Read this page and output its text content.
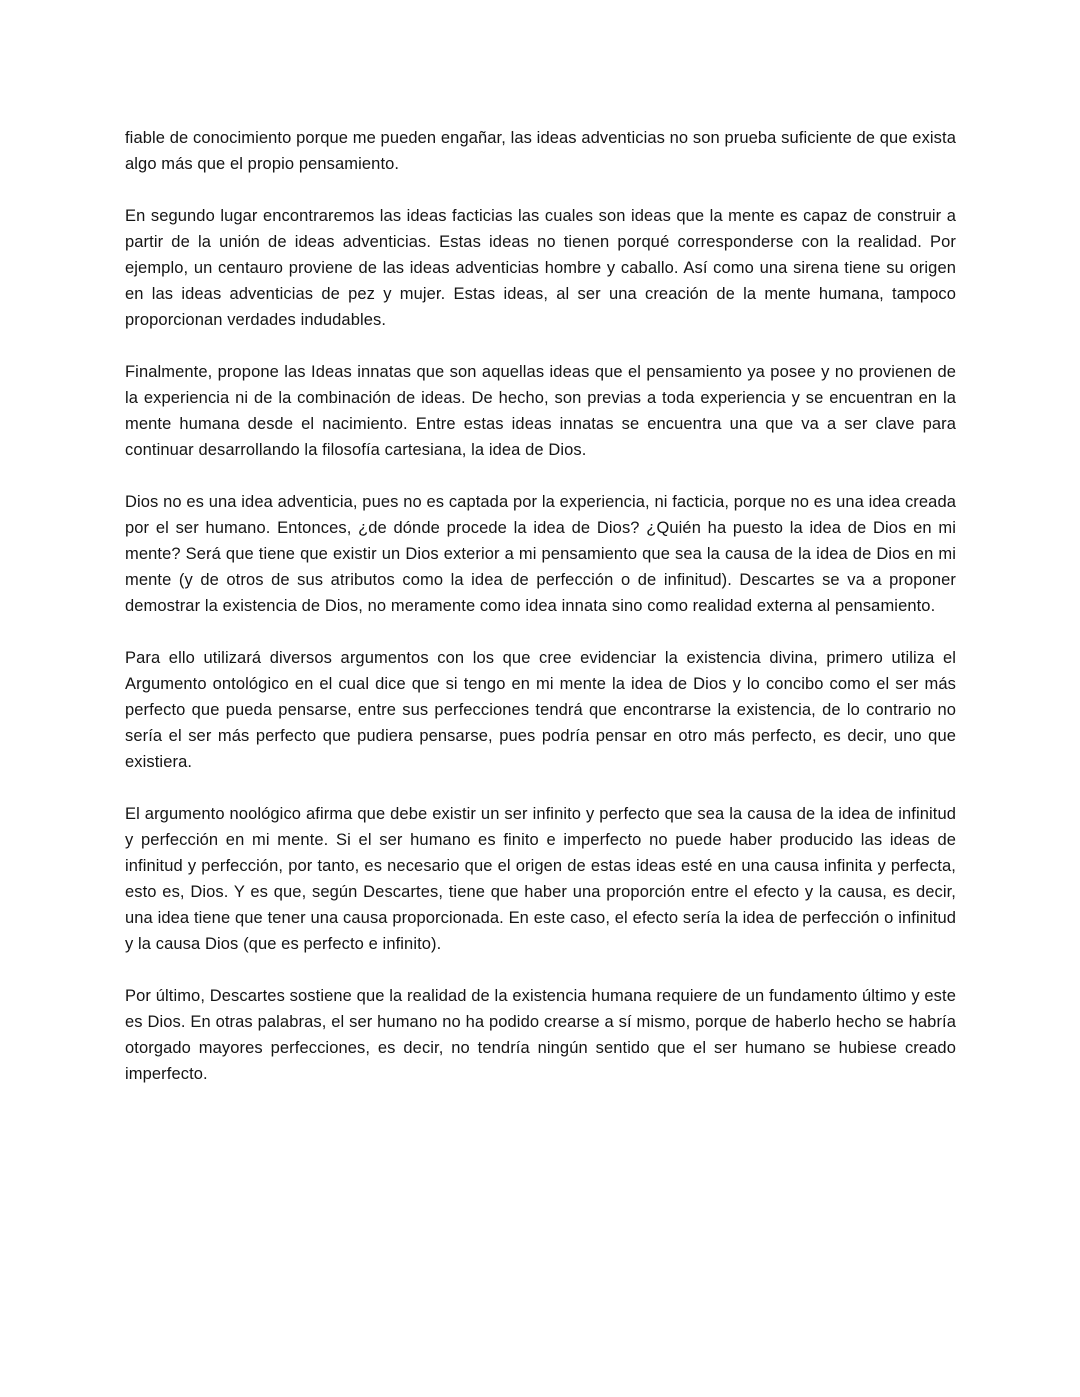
fiable de conocimiento porque me pueden engañar, las ideas adventicias no son prueba suficiente de que exista algo más que el propio pensamiento.

En segundo lugar encontraremos las ideas facticias las cuales son ideas que la mente es capaz de construir a partir de la unión de ideas adventicias. Estas ideas no tienen porqué corresponderse con la realidad. Por ejemplo, un centauro proviene de las ideas adventicias hombre y caballo. Así como una sirena tiene su origen en las ideas adventicias de pez y mujer. Estas ideas, al ser una creación de la mente humana, tampoco proporcionan verdades indudables.

Finalmente, propone las Ideas innatas que son aquellas ideas que el pensamiento ya posee y no provienen de la experiencia ni de la combinación de ideas. De hecho, son previas a toda experiencia y se encuentran en la mente humana desde el nacimiento. Entre estas ideas innatas se encuentra una que va a ser clave para continuar desarrollando la filosofía cartesiana, la idea de Dios.

Dios no es una idea adventicia, pues no es captada por la experiencia, ni facticia, porque no es una idea creada por el ser humano. Entonces, ¿de dónde procede la idea de Dios? ¿Quién ha puesto la idea de Dios en mi mente? Será que tiene que existir un Dios exterior a mi pensamiento que sea la causa de la idea de Dios en mi mente (y de otros de sus atributos como la idea de perfección o de infinitud). Descartes se va a proponer demostrar la existencia de Dios, no meramente como idea innata sino como realidad externa al pensamiento.

Para ello utilizará diversos argumentos con los que cree evidenciar la existencia divina, primero utiliza el Argumento ontológico en el cual dice que si tengo en mi mente la idea de Dios y lo concibo como el ser más perfecto que pueda pensarse, entre sus perfecciones tendrá que encontrarse la existencia, de lo contrario no sería el ser más perfecto que pudiera pensarse, pues podría pensar en otro más perfecto, es decir, uno que existiera.

El argumento noológico afirma que debe existir un ser infinito y perfecto que sea la causa de la idea de infinitud y perfección en mi mente. Si el ser humano es finito e imperfecto no puede haber producido las ideas de infinitud y perfección, por tanto, es necesario que el origen de estas ideas esté en una causa infinita y perfecta, esto es, Dios. Y es que, según Descartes, tiene que haber una proporción entre el efecto y la causa, es decir, una idea tiene que tener una causa proporcionada. En este caso, el efecto sería la idea de perfección o infinitud y la causa Dios (que es perfecto e infinito).

Por último, Descartes sostiene que la realidad de la existencia humana requiere de un fundamento último y este es Dios. En otras palabras, el ser humano no ha podido crearse a sí mismo, porque de haberlo hecho se habría otorgado mayores perfecciones, es decir, no tendría ningún sentido que el ser humano se hubiese creado imperfecto.
